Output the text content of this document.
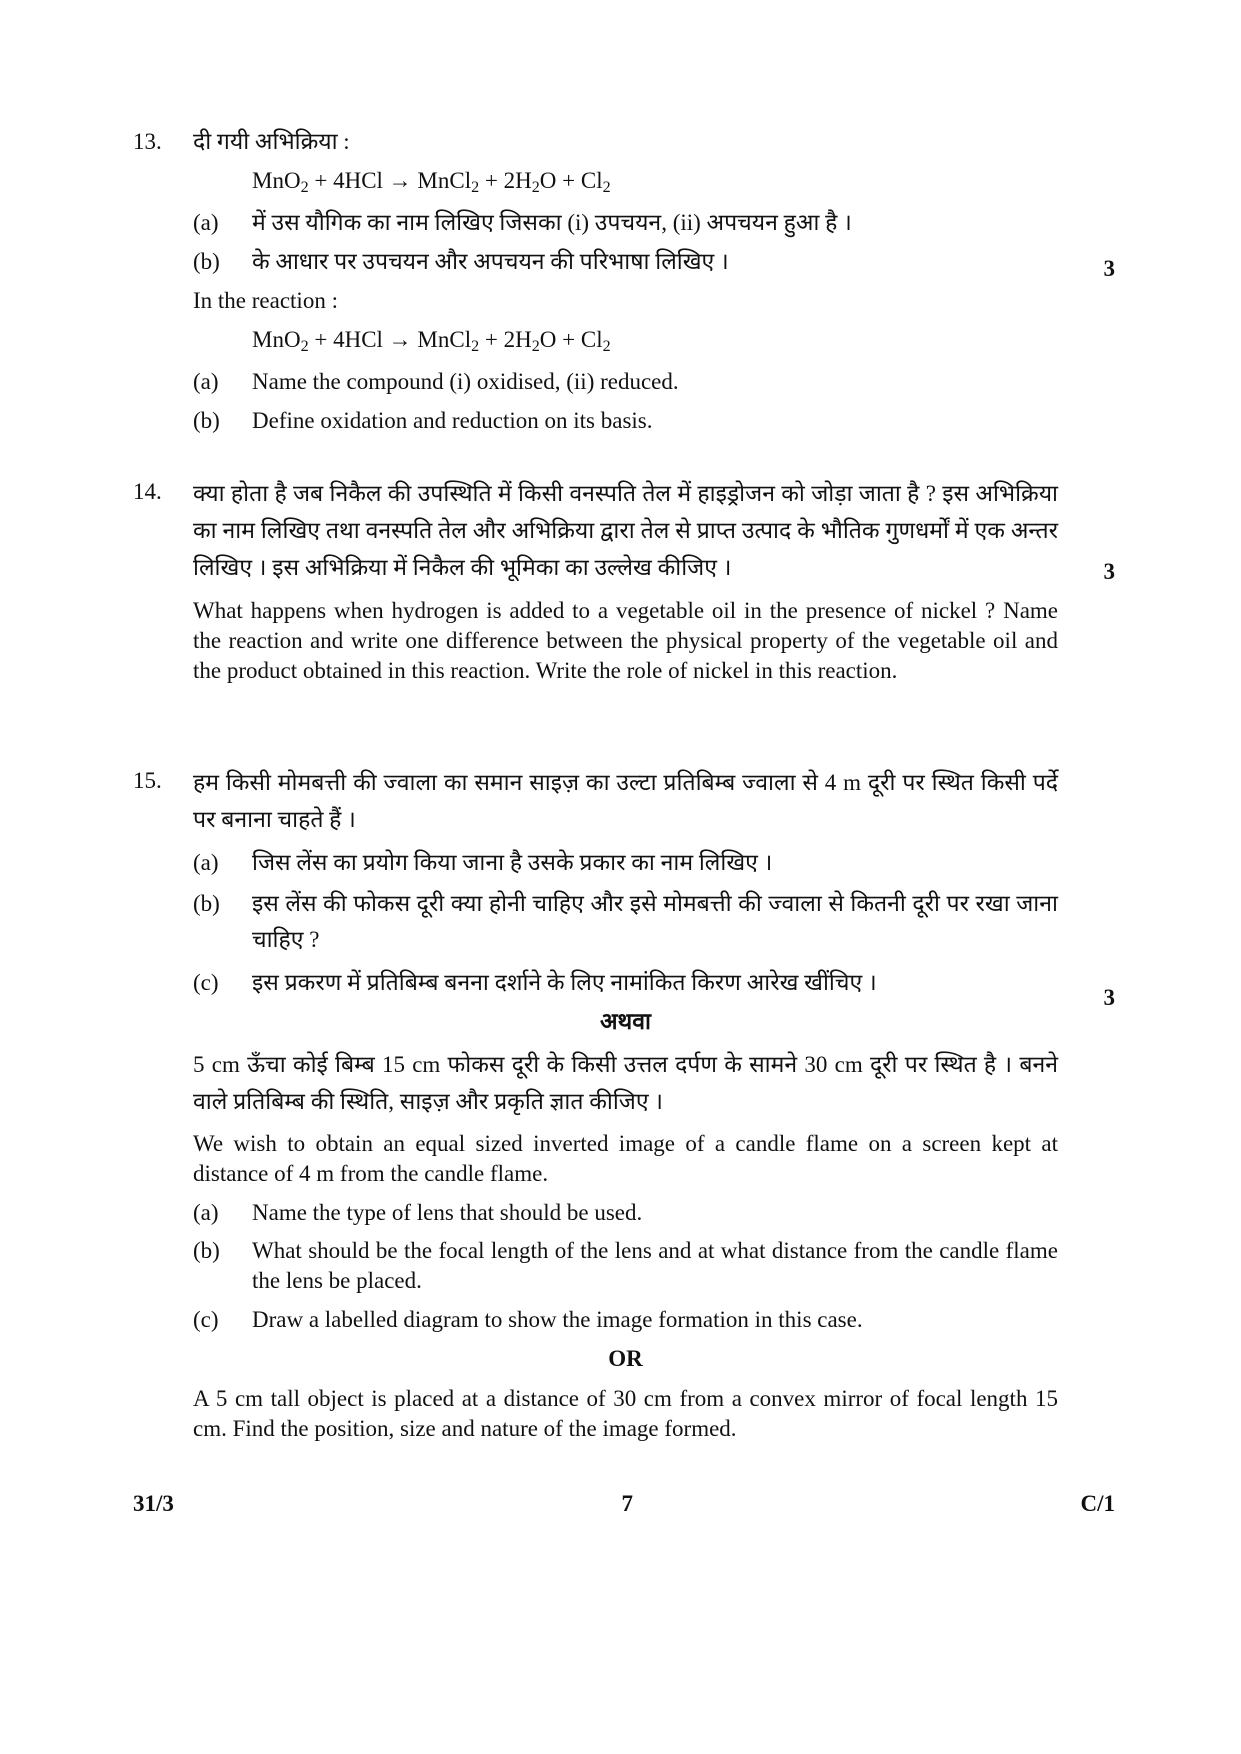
13.	दी गयी अभिक्रिया :
MnO$_2$ + 4HCl → MnCl$_2$ + $2H_2O + Cl_2$
(a)	में उस यौगिक का नाम लिखिए जिसका (i) उपचयन, (ii) अपचयन हुआ है ।
(b)	के आधार पर उपचयन और अपचयन की परिभाषा लिखिए ।
In the reaction :
MnO$_2$ + 4HCl → MnCl$_2$ + $2H_2O + Cl_2$
(a)	Name the compound (i) oxidised, (ii) reduced.
(b)	Define oxidation and reduction on its basis.
3
14.	क्या होता है जब निकैल की उपस्थिति में किसी वनस्पति तेल में हाइड्रोजन को जोड़ा जाता है ? इस अभिक्रिया का नाम लिखिए तथा वनस्पति तेल और अभिक्रिया द्वारा तेल से प्राप्त उत्पाद के भौतिक गुणधर्मों में एक अन्तर लिखिए । इस अभिक्रिया में निकैल की भूमिका का उल्लेख कीजिए ।
What happens when hydrogen is added to a vegetable oil in the presence of nickel ? Name the reaction and write one difference between the physical property of the vegetable oil and the product obtained in this reaction. Write the role of nickel in this reaction.
3
15.	हम किसी मोमबत्ती की ज्वाला का समान साइज़ का उल्टा प्रतिबिम्ब ज्वाला से 4 m दूरी पर स्थित किसी पर्दे पर बनाना चाहते हैं ।
(a)	जिस लेंस का प्रयोग किया जाना है उसके प्रकार का नाम लिखिए ।
(b)	इस लेंस की फोकस दूरी क्या होनी चाहिए और इसे मोमबत्ती की ज्वाला से कितनी दूरी पर रखा जाना चाहिए ?
(c)	इस प्रकरण में प्रतिबिम्ब बनना दर्शाने के लिए नामांकित किरण आरेख खींचिए ।
अथवा
5 cm ऊँचा कोई बिम्ब 15 cm फोकस दूरी के किसी उत्तल दर्पण के सामने 30 cm दूरी पर स्थित है । बनने वाले प्रतिबिम्ब की स्थिति, साइज़ और प्रकृति ज्ञात कीजिए ।
We wish to obtain an equal sized inverted image of a candle flame on a screen kept at distance of 4 m from the candle flame.
(a)	Name the type of lens that should be used.
(b)	What should be the focal length of the lens and at what distance from the candle flame the lens be placed.
(c)	Draw a labelled diagram to show the image formation in this case.
OR
A 5 cm tall object is placed at a distance of 30 cm from a convex mirror of focal length 15 cm. Find the position, size and nature of the image formed.
3
31/3	7	C/1
